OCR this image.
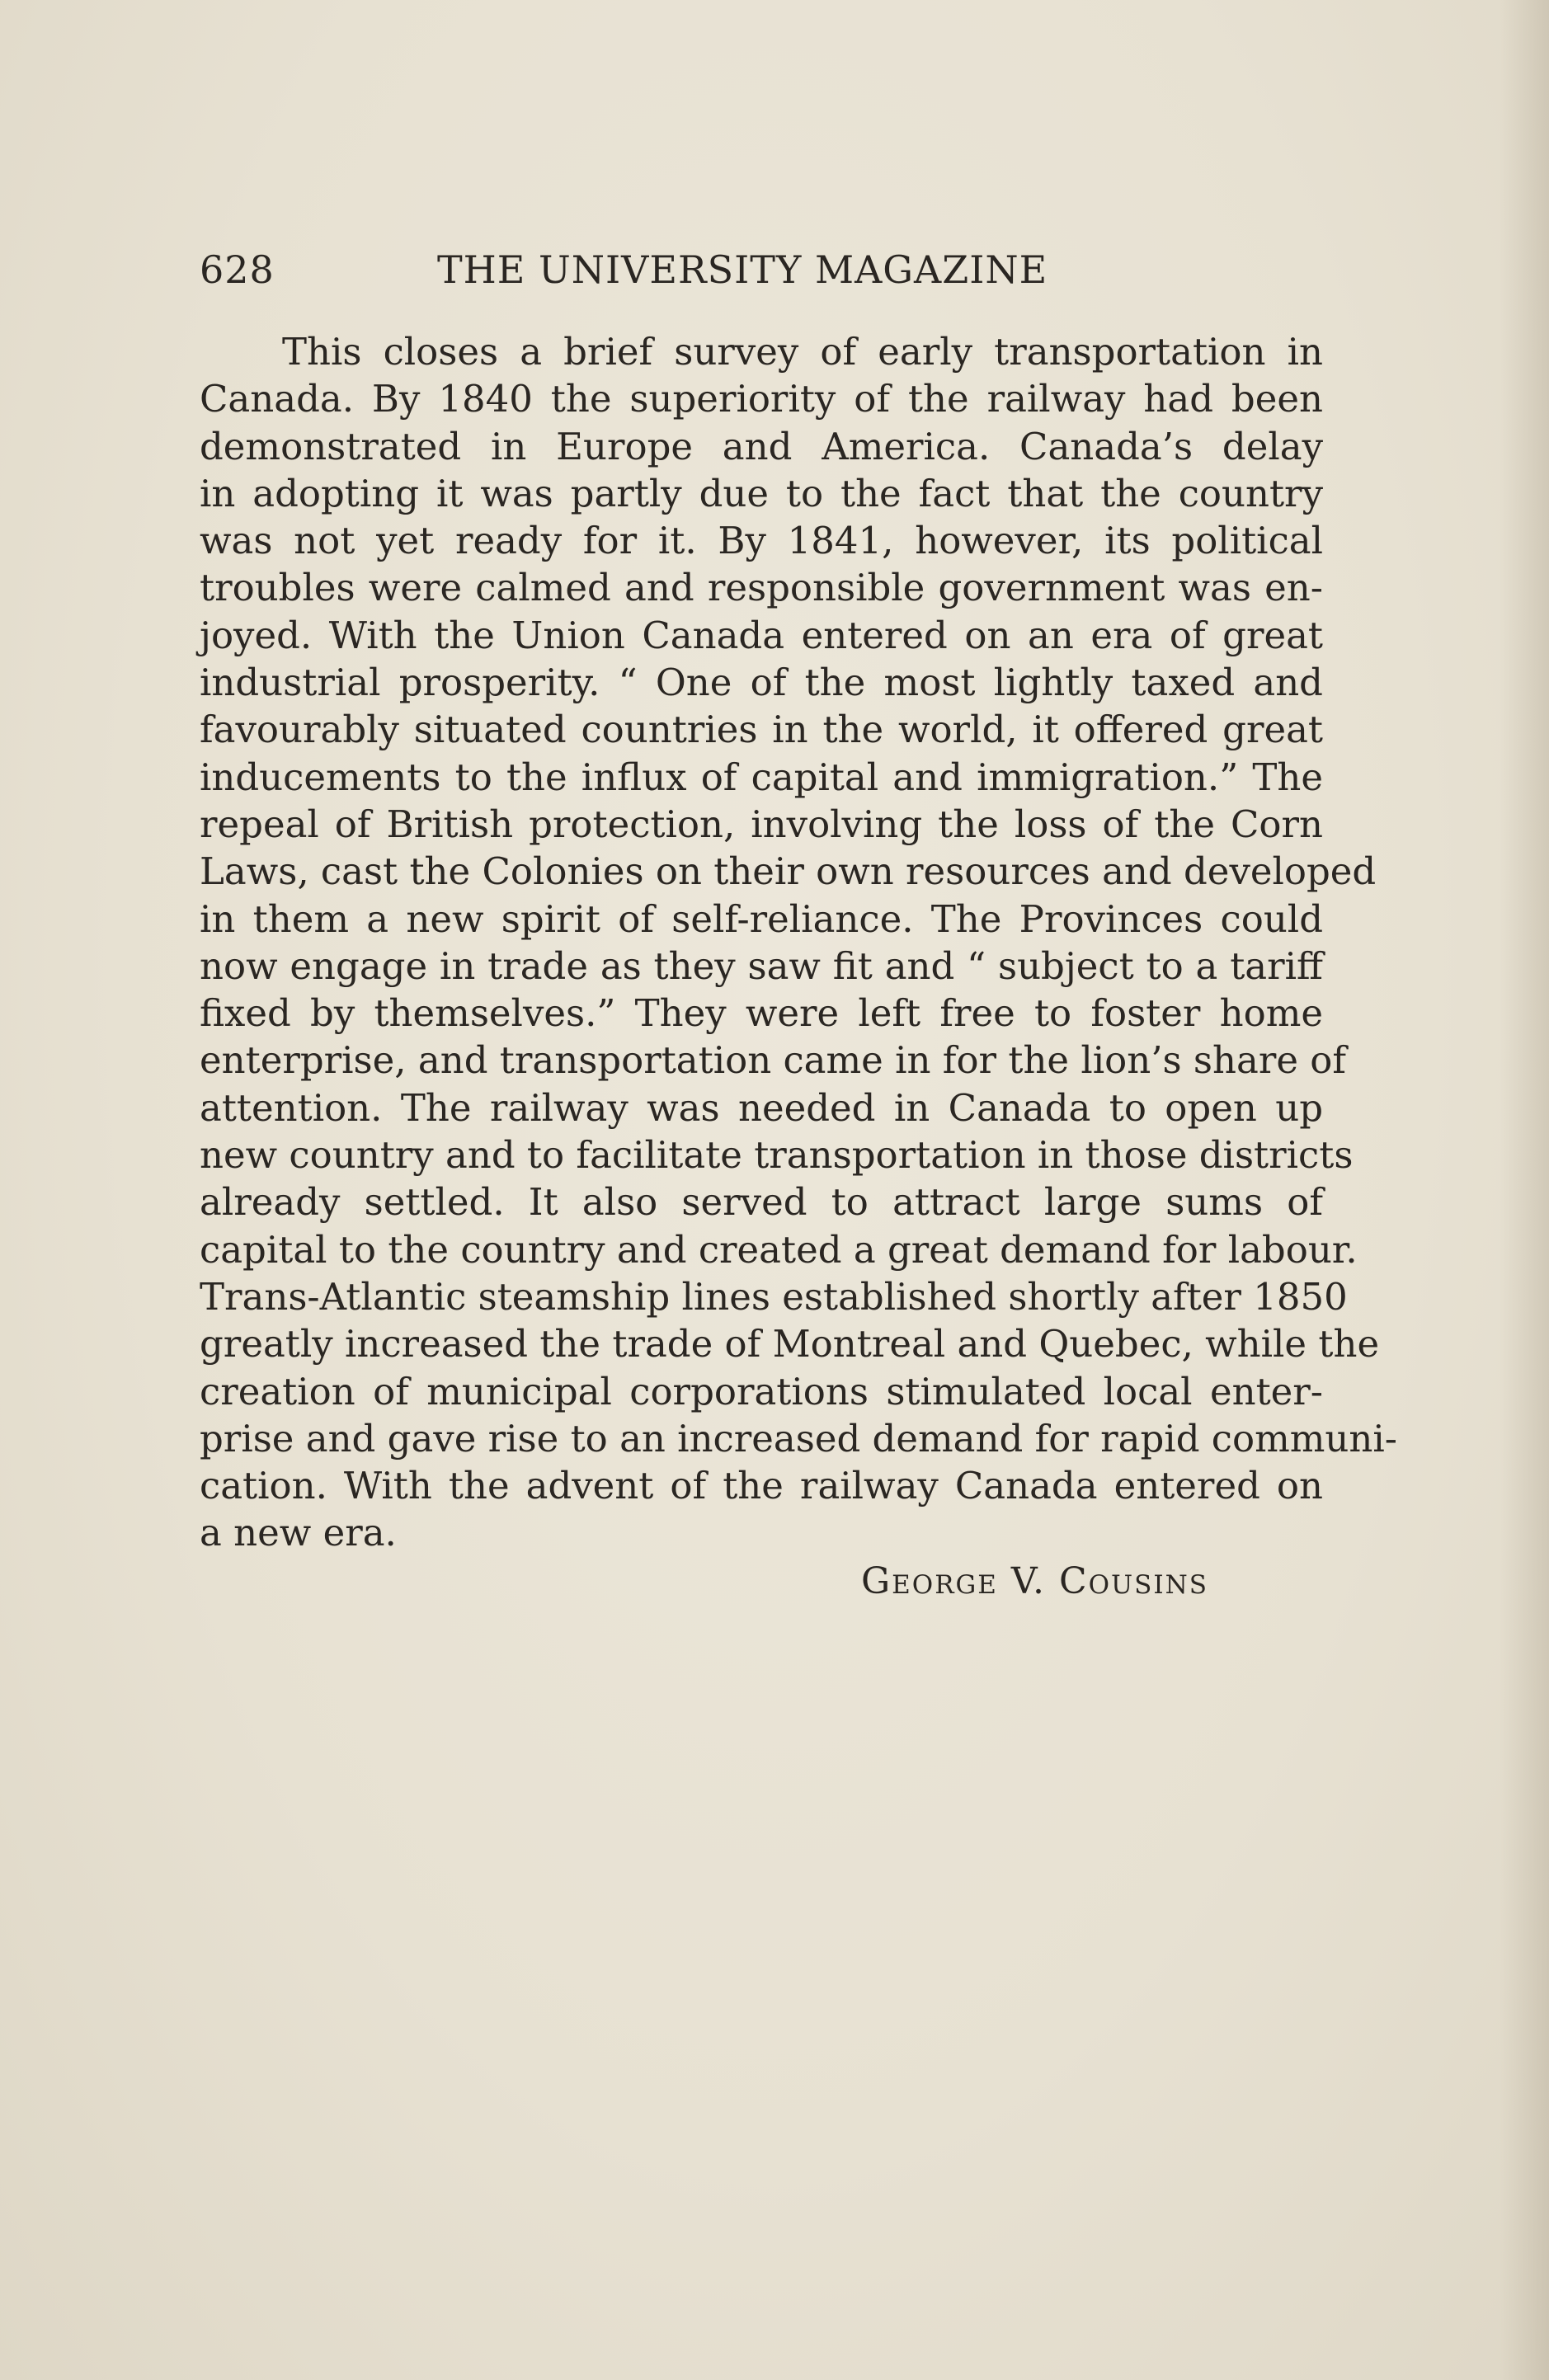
628	THE UNIVERSITY MAGAZINE
This closes a brief survey of early transportation in
Canada. By 1840 the superiority of the railway had been
demonstrated in Europe and America. Canada’s delay
in adopting it was partly due to the fact that the country
was not yet ready for it. By 1841, however, its political
troubles were calmed and responsible government was en-
joyed. With the Union Canada entered on an era of great
industrial prosperity. “ One of the most lightly taxed and
favourably situated countries in the world, it offered great
inducements to the influx of capital and immigration.” The
repeal of British protection, involving the loss of the Corn
Laws, cast the Colonies on their own resources and developed
in them a new spirit of self-reliance. The Provinces could
now engage in trade as they saw fit and “ subject to a tariff
fixed by themselves.” They were left free to foster home
enterprise, and transportation came in for the lion’s share of
attention. The railway was needed in Canada to open up
new country and to facilitate transportation in those districts
already settled. It also served to attract large sums of
capital to the country and created a great demand for labour.
Trans-Atlantic steamship lines established shortly after 1850
greatly increased the trade of Montreal and Quebec, while the
creation of municipal corporations stimulated local enter-
prise and gave rise to an increased demand for rapid communi-
cation. With the advent of the railway Canada entered on
a new era.
George V. Cousins
